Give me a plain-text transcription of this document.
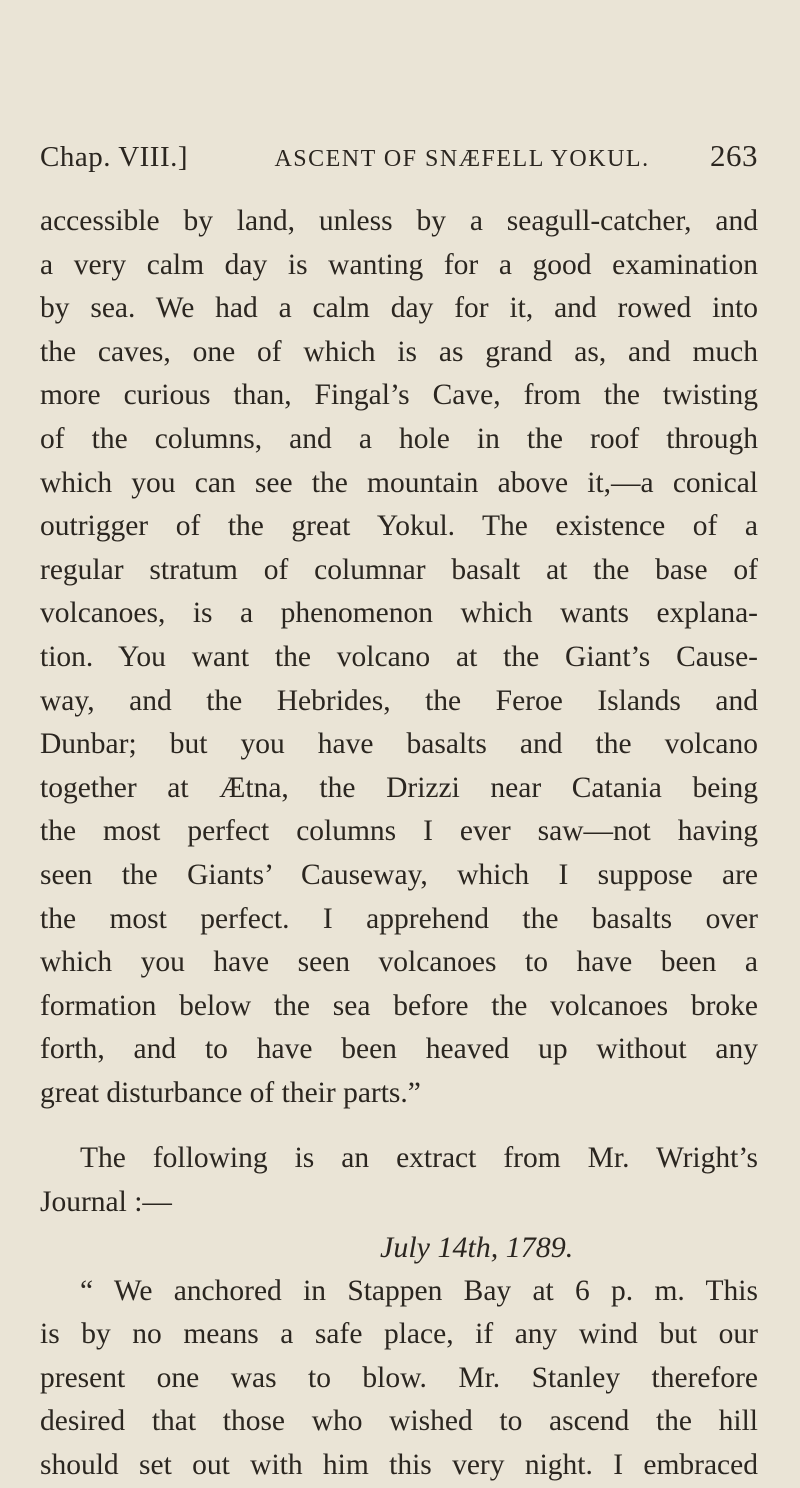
Chap. VIII.]	ASCENT OF SNÆFELL YOKUL.	263
accessible by land, unless by a seagull-catcher, and
a very calm day is wanting for a good examination
by sea. We had a calm day for it, and rowed into
the caves, one of which is as grand as, and much
more curious than, Fingal’s Cave, from the twisting
of the columns, and a hole in the roof through
which you can see the mountain above it,—a conical
outrigger of the great Yokul. The existence of a
regular stratum of columnar basalt at the base of
volcanoes, is a phenomenon which wants explana-
tion. You want the volcano at the Giant’s Cause-
way, and the Hebrides, the Feroe Islands and
Dunbar; but you have basalts and the volcano
together at Ætna, the Drizzi near Catania being
the most perfect columns I ever saw—not having
seen the Giants’ Causeway, which I suppose are
the most perfect. I apprehend the basalts over
which you have seen volcanoes to have been a
formation below the sea before the volcanoes broke
forth, and to have been heaved up without any
great disturbance of their parts.”
The following is an extract from Mr. Wright’s
Journal :—
July 14th, 1789.
“ We anchored in Stappen Bay at 6 p. m. This
is by no means a safe place, if any wind but our
present one was to blow. Mr. Stanley therefore
desired that those who wished to ascend the hill
should set out with him this very night. I embraced
